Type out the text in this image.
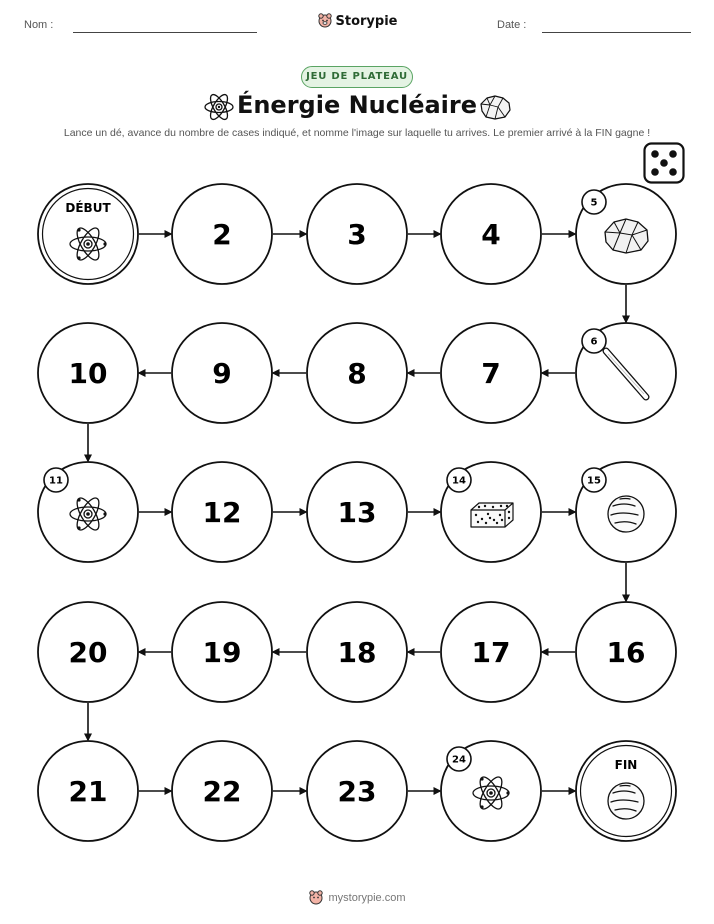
Nom :	Storypie	Date :
JEU DE PLATEAU
Énergie Nucléaire
Lance un dé, avance du nombre de cases indiqué, et nomme l'image sur laquelle tu arrives. Le premier arrivé à la FIN gagne !
DÉBUT
2	3	4
5
6
7
8
9
10
11
12	13
14	15
16
17
18
19
20
21	22	23
24	FIN
mystorypie.com
